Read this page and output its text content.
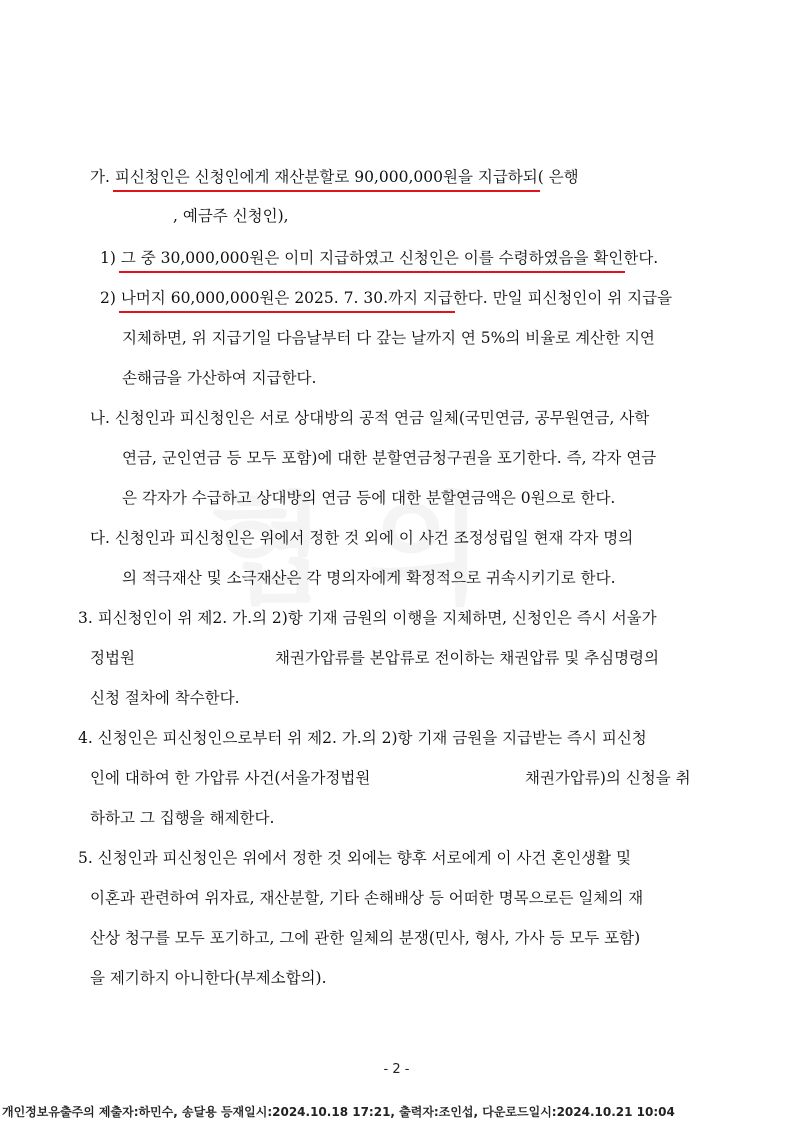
가. 피신청인은 신청인에게 재산분할로 90,000,000원을 지급하되( 은행
, 예금주 신청인),
1) 그 중 30,000,000원은 이미 지급하였고 신청인은 이를 수령하였음을 확인한다.
2) 나머지 60,000,000원은 2025. 7. 30.까지 지급한다. 만일 피신청인이 위 지급을
지체하면, 위 지급기일 다음날부터 다 갚는 날까지 연 5%의 비율로 계산한 지연
손해금을 가산하여 지급한다.
나. 신청인과 피신청인은 서로 상대방의 공적 연금 일체(국민연금, 공무원연금, 사학
연금, 군인연금 등 모두 포함)에 대한 분할연금청구권을 포기한다. 즉, 각자 연금
은 각자가 수급하고 상대방의 연금 등에 대한 분할연금액은 0원으로 한다.
다. 신청인과 피신청인은 위에서 정한 것 외에 이 사건 조정성립일 현재 각자 명의
의 적극재산 및 소극재산은 각 명의자에게 확정적으로 귀속시키기로 한다.
3. 피신청인이 위 제2. 가.의 2)항 기재 금원의 이행을 지체하면, 신청인은 즉시 서울가
정법원	채권가압류를 본압류로 전이하는 채권압류 및 추심명령의
신청 절차에 착수한다.
4. 신청인은 피신청인으로부터 위 제2. 가.의 2)항 기재 금원을 지급받는 즉시 피신청
인에 대하여 한 가압류 사건(서울가정법원	채권가압류)의 신청을 취
하하고 그 집행을 해제한다.
5. 신청인과 피신청인은 위에서 정한 것 외에는 향후 서로에게 이 사건 혼인생활 및
이혼과 관련하여 위자료, 재산분할, 기타 손해배상 등 어떠한 명목으로든 일체의 재
산상 청구를 모두 포기하고, 그에 관한 일체의 분쟁(민사, 형사, 가사 등 모두 포함)
을 제기하지 아니한다(부제소합의).
- 2 -
개인정보유출주의 제출자:하민수, 송달용 등재일시:2024.10.18 17:21, 출력자:조인섭, 다운로드일시:2024.10.21 10:04
